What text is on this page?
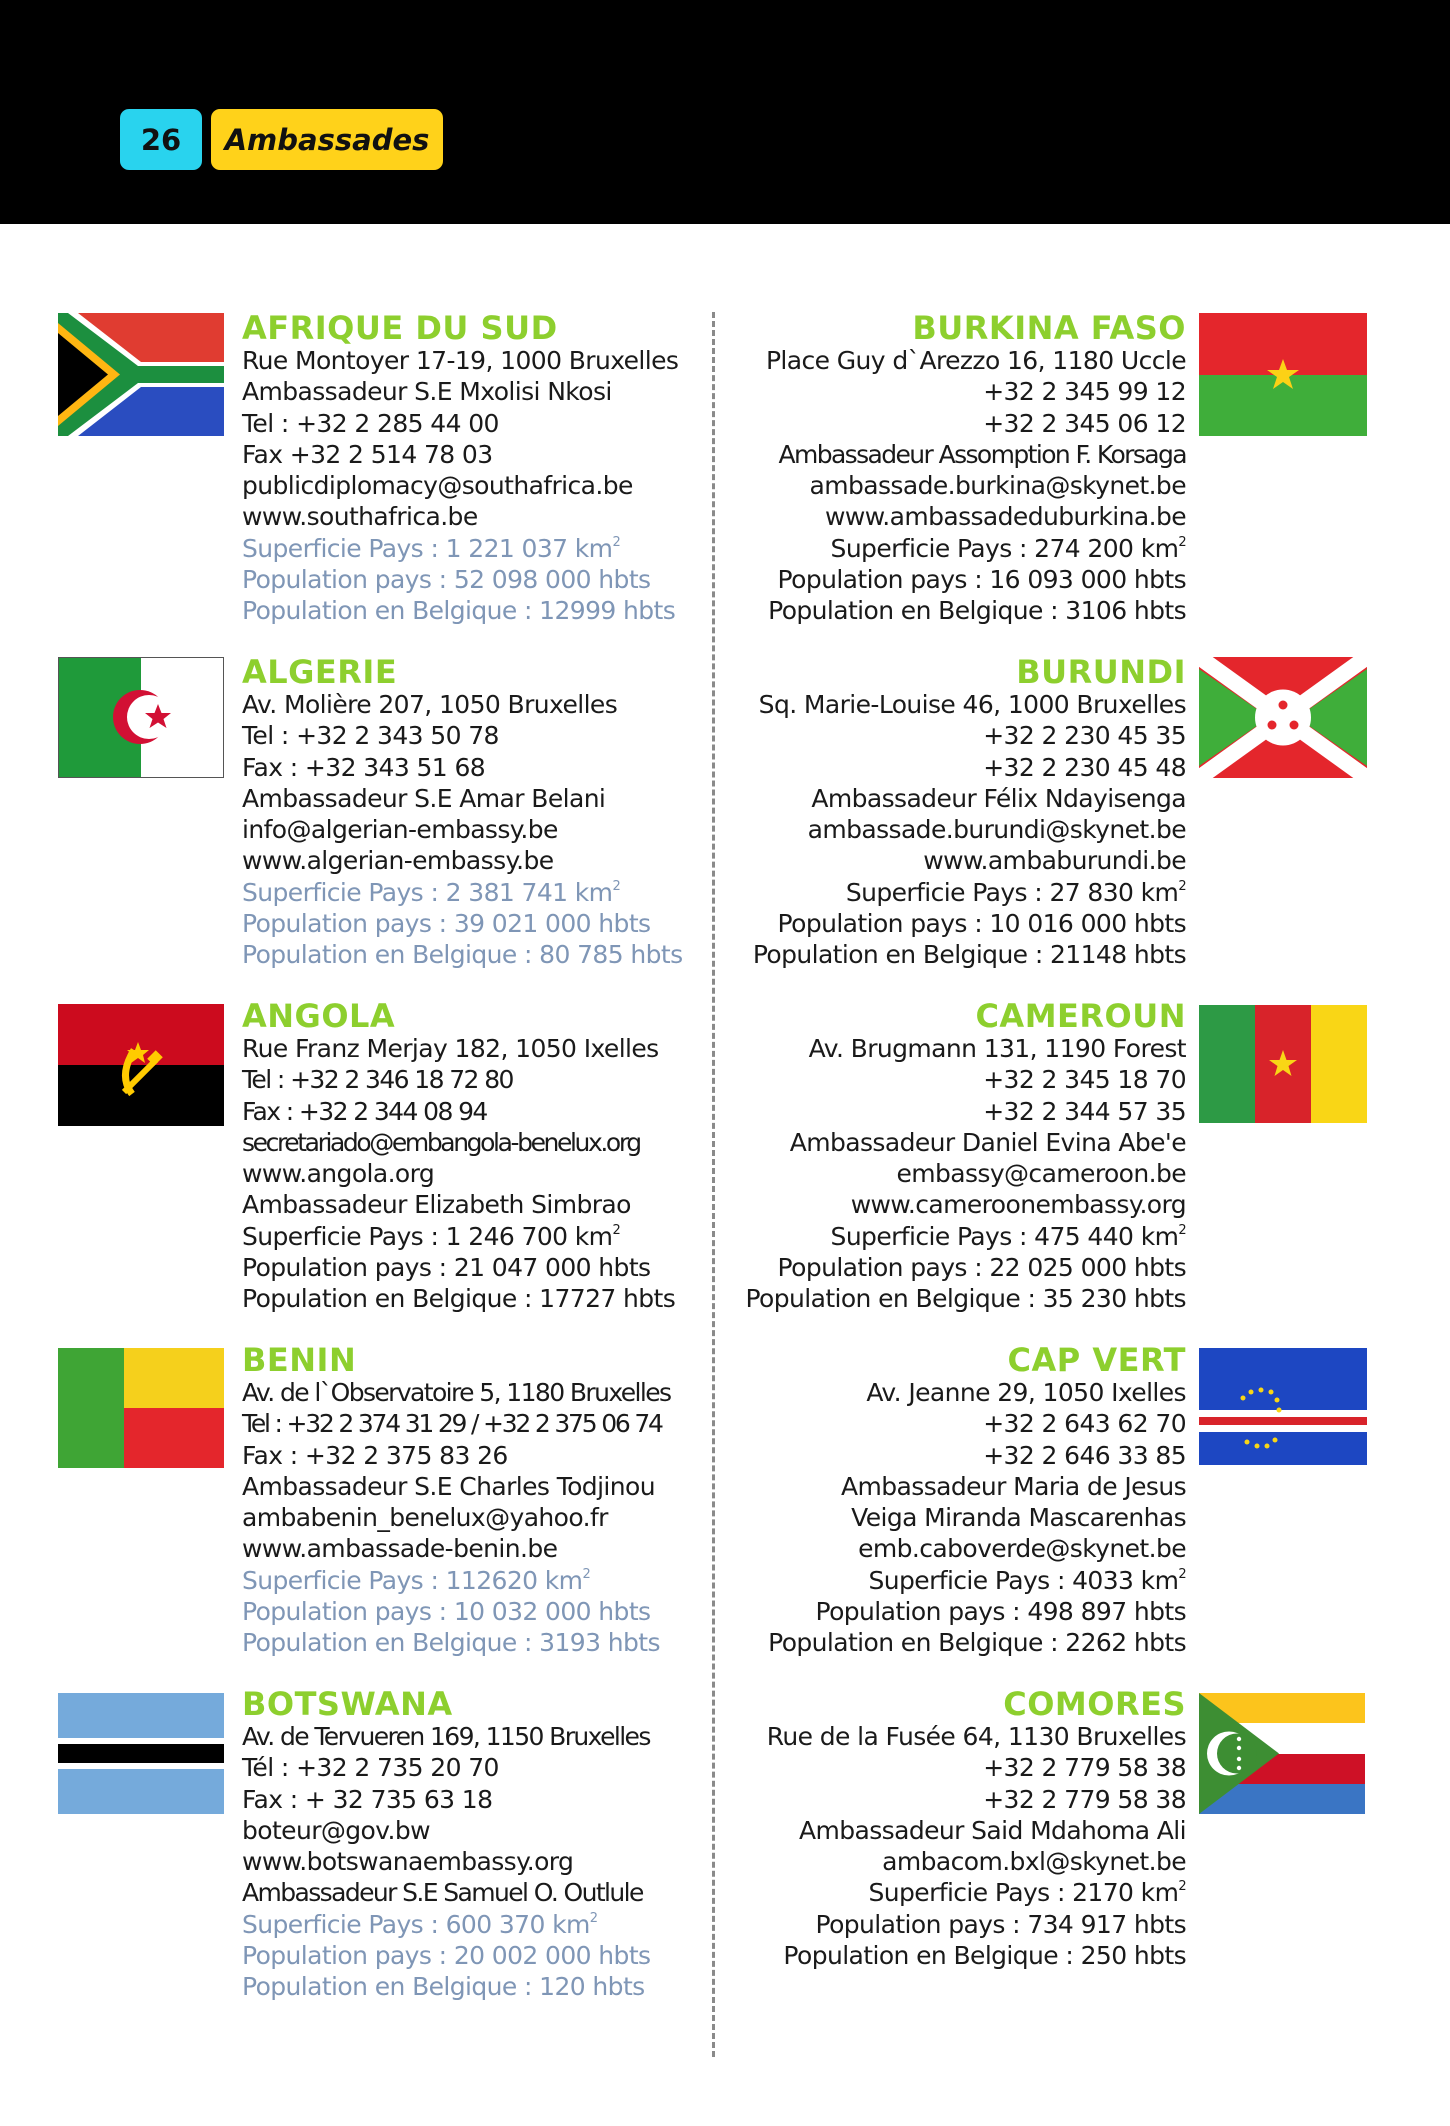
26	Ambassades
AFRIQUE DU SUD
Rue Montoyer 17-19, 1000 Bruxelles
Ambassadeur S.E Mxolisi Nkosi
Tel : +32 2 285 44 00
Fax +32 2 514 78 03
publicdiplomacy@southafrica.be
www.southafrica.be
Superficie Pays : 1 221 037 $km^2$
Population pays : 52 098 000 hbts
Population en Belgique : 12999 hbts
ALGERIE
Av. Molière 207, 1050 Bruxelles
Tel : +32 2 343 50 78
Fax : +32 343 51 68
Ambassadeur S.E Amar Belani
info@algerian-embassy.be
www.algerian-embassy.be
Superficie Pays : 2 381 741 $km^2$
Population pays : 39 021 000 hbts
Population en Belgique : 80 785 hbts
ANGOLA
Rue Franz Merjay 182, 1050 Ixelles
Tel : +32 2 346 18 72 80
Fax : +32 2 344 08 94
secretariado@embangola-benelux.org
www.angola.org
Ambassadeur Elizabeth Simbrao
Superficie Pays : 1 246 700 $km^2$
Population pays : 21 047 000 hbts
Population en Belgique : 17727 hbts
BENIN
Av. de l`Observatoire 5, 1180 Bruxelles
Tel : +32 2 374 31 29 / +32 2 375 06 74
Fax : +32 2 375 83 26
Ambassadeur S.E Charles Todjinou
ambabenin_benelux@yahoo.fr
www.ambassade-benin.be
Superficie Pays : 112620 $km^2$
Population pays : 10 032 000 hbts
Population en Belgique : 3193 hbts
BOTSWANA
Av. de Tervueren 169, 1150 Bruxelles
Tél : +32 2 735 20 70
Fax : + 32 735 63 18
boteur@gov.bw
www.botswanaembassy.org
Ambassadeur S.E Samuel O. Outlule
Superficie Pays : 600 370 $km^2$
Population pays : 20 002 000 hbts
Population en Belgique : 120 hbts
BURKINA FASO
Place Guy d`Arezzo 16, 1180 Uccle
+32 2 345 99 12
+32 2 345 06 12
Ambassadeur Assomption F. Korsaga
ambassade.burkina@skynet.be
www.ambassadeduburkina.be
Superficie Pays : 274 200 $km^2$
Population pays : 16 093 000 hbts
Population en Belgique : 3106 hbts
BURUNDI
Sq. Marie-Louise 46, 1000 Bruxelles
+32 2 230 45 35
+32 2 230 45 48
Ambassadeur Félix Ndayisenga
ambassade.burundi@skynet.be
www.ambaburundi.be
Superficie Pays : 27 830 $km^2$
Population pays : 10 016 000 hbts
Population en Belgique : 21148 hbts
CAMEROUN
Av. Brugmann 131, 1190 Forest
+32 2 345 18 70
+32 2 344 57 35
Ambassadeur Daniel Evina Abe'e
embassy@cameroon.be
www.cameroonembassy.org
Superficie Pays : 475 440 $km^2$
Population pays : 22 025 000 hbts
Population en Belgique : 35 230 hbts
CAP VERT
Av. Jeanne 29, 1050 Ixelles
+32 2 643 62 70
+32 2 646 33 85
Ambassadeur Maria de Jesus
Veiga Miranda Mascarenhas
emb.caboverde@skynet.be
Superficie Pays : 4033 $km^2$
Population pays : 498 897 hbts
Population en Belgique : 2262 hbts
COMORES
Rue de la Fusée 64, 1130 Bruxelles
+32 2 779 58 38
+32 2 779 58 38
Ambassadeur Said Mdahoma Ali
ambacom.bxl@skynet.be
Superficie Pays : 2170 $km^2$
Population pays : 734 917 hbts
Population en Belgique : 250 hbts
